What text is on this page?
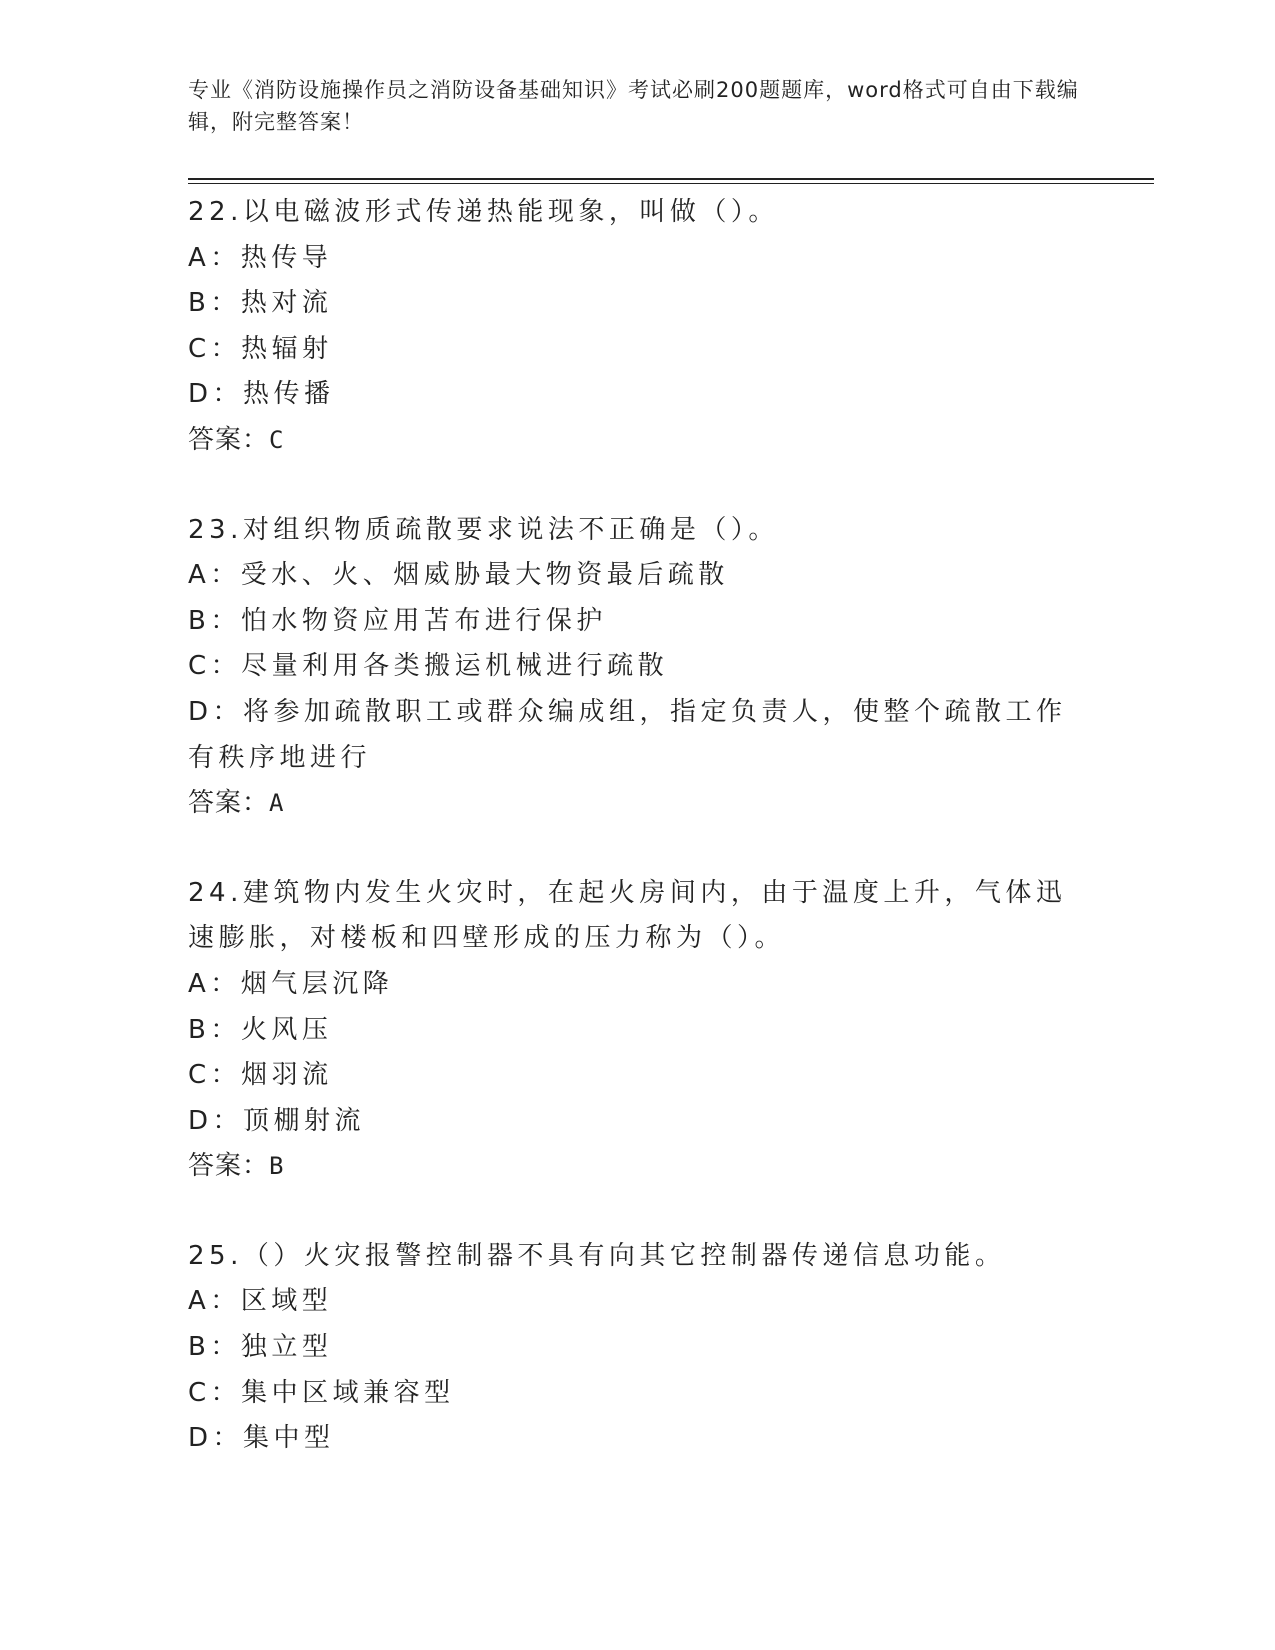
专业《消防设施操作员之消防设备基础知识》考试必刷200题题库，word格式可自由下载编辑，附完整答案！

22.以电磁波形式传递热能现象，叫做（）。

A：热传导

B：热对流

C：热辐射

D：热传播

答案：C

23.对组织物质疏散要求说法不正确是（）。

A：受水、火、烟威胁最大物资最后疏散

B：怕水物资应用苫布进行保护

C：尽量利用各类搬运机械进行疏散

D：将参加疏散职工或群众编成组，指定负责人，使整个疏散工作有秩序地进行

答案：A

24.建筑物内发生火灾时，在起火房间内，由于温度上升，气体迅速膨胀，对楼板和四壁形成的压力称为（）。

A：烟气层沉降

B：火风压

C：烟羽流

D：顶棚射流

答案：B

25.（）火灾报警控制器不具有向其它控制器传递信息功能。

A：区域型

B：独立型

C：集中区域兼容型

D：集中型
